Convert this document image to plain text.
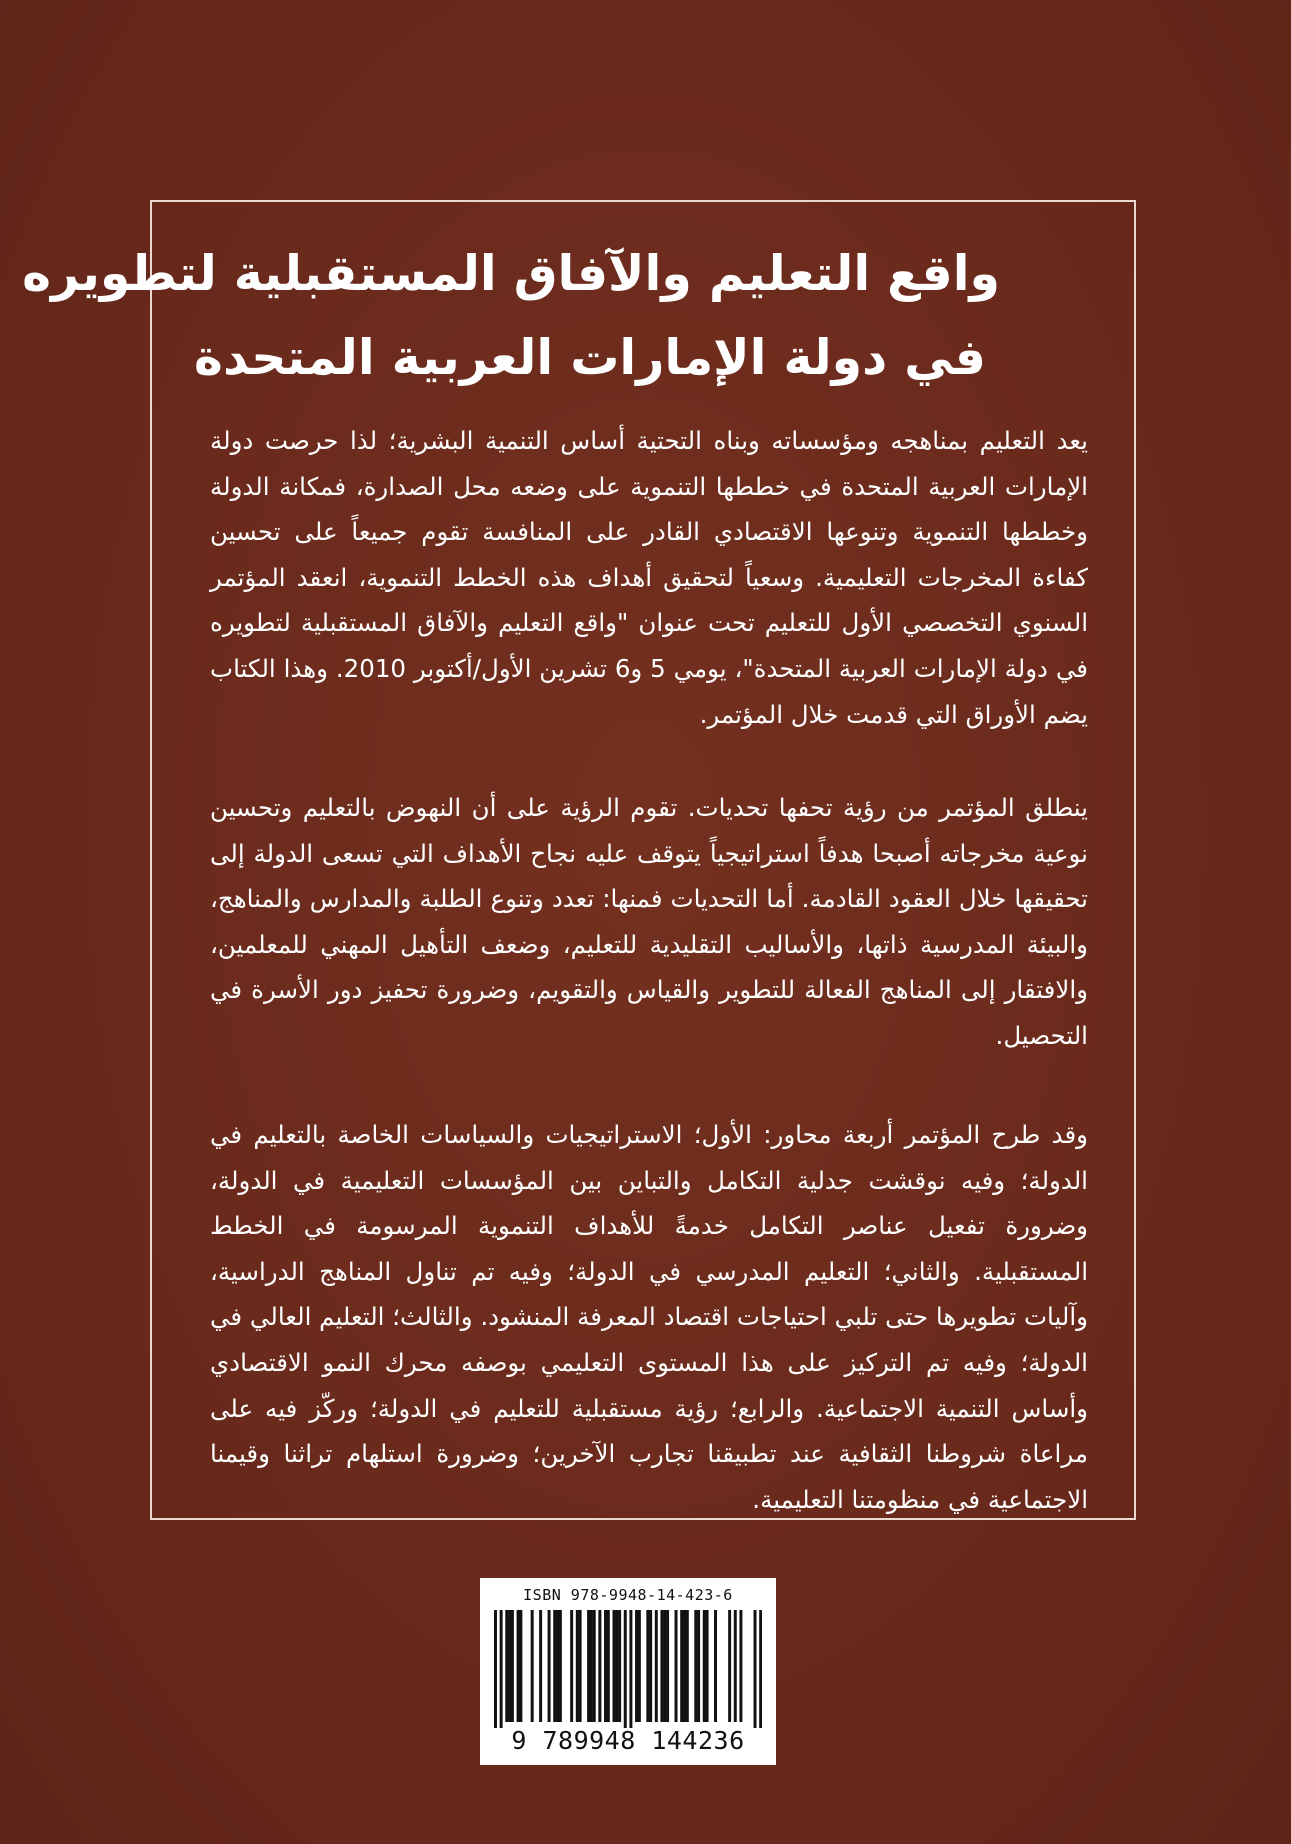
واقع التعليم والآفاق المستقبلية لتطويره
في دولة الإمارات العربية المتحدة

يعد التعليم بمناهجه ومؤسساته وبناه التحتية أساس التنمية البشرية؛ لذا حرصت دولة الإمارات العربية المتحدة في خططها التنموية على وضعه محل الصدارة، فمكانة الدولة وخططها التنموية وتنوعها الاقتصادي القادر على المنافسة تقوم جميعاً على تحسين كفاءة المخرجات التعليمية. وسعياً لتحقيق أهداف هذه الخطط التنموية، انعقد المؤتمر السنوي التخصصي الأول للتعليم تحت عنوان "واقع التعليم والآفاق المستقبلية لتطويره في دولة الإمارات العربية المتحدة"، يومي 5 و6 تشرين الأول/أكتوبر 2010. وهذا الكتاب يضم الأوراق التي قدمت خلال المؤتمر.

ينطلق المؤتمر من رؤية تحفها تحديات. تقوم الرؤية على أن النهوض بالتعليم وتحسين نوعية مخرجاته أصبحا هدفاً استراتيجياً يتوقف عليه نجاح الأهداف التي تسعى الدولة إلى تحقيقها خلال العقود القادمة. أما التحديات فمنها: تعدد وتنوع الطلبة والمدارس والمناهج، والبيئة المدرسية ذاتها، والأساليب التقليدية للتعليم، وضعف التأهيل المهني للمعلمين، والافتقار إلى المناهج الفعالة للتطوير والقياس والتقويم، وضرورة تحفيز دور الأسرة في التحصيل.

وقد طرح المؤتمر أربعة محاور: الأول؛ الاستراتيجيات والسياسات الخاصة بالتعليم في الدولة؛ وفيه نوقشت جدلية التكامل والتباين بين المؤسسات التعليمية في الدولة، وضرورة تفعيل عناصر التكامل خدمةً للأهداف التنموية المرسومة في الخطط المستقبلية. والثاني؛ التعليم المدرسي في الدولة؛ وفيه تم تناول المناهج الدراسية، وآليات تطويرها حتى تلبي احتياجات اقتصاد المعرفة المنشود. والثالث؛ التعليم العالي في الدولة؛ وفيه تم التركيز على هذا المستوى التعليمي بوصفه محرك النمو الاقتصادي وأساس التنمية الاجتماعية. والرابع؛ رؤية مستقبلية للتعليم في الدولة؛ وركّز فيه على مراعاة شروطنا الثقافية عند تطبيقنا تجارب الآخرين؛ وضرورة استلهام تراثنا وقيمنا الاجتماعية في منظومتنا التعليمية.

ISBN 978-9948-14-423-6
9 789948 144236
